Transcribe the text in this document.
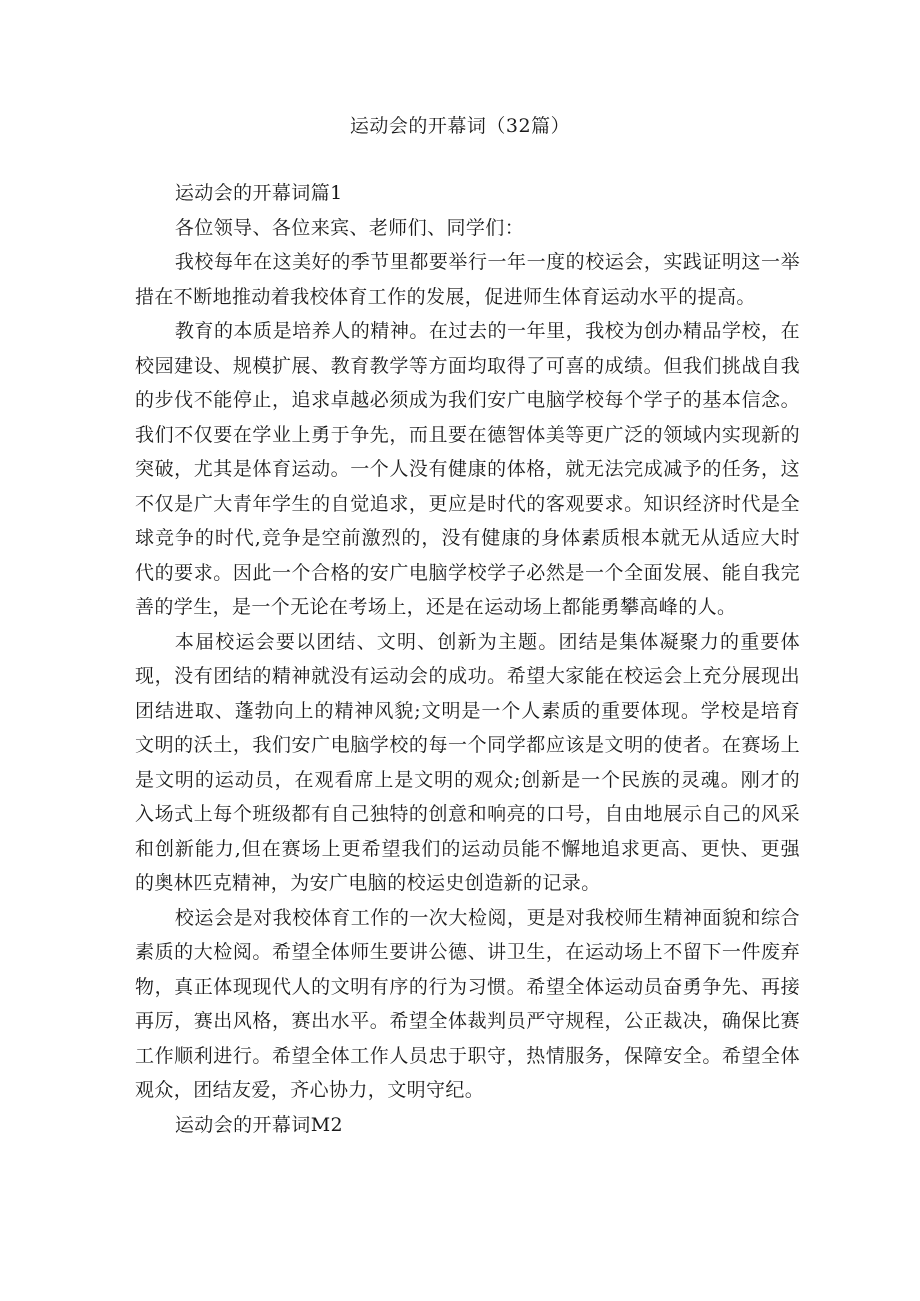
运动会的开幕词（32篇）

运动会的开幕词篇1

各位领导、各位来宾、老师们、同学们：

我校每年在这美好的季节里都要举行一年一度的校运会，实践证明这一举措在不断地推动着我校体育工作的发展，促进师生体育运动水平的提高。

教育的本质是培养人的精神。在过去的一年里，我校为创办精品学校，在校园建设、规模扩展、教育教学等方面均取得了可喜的成绩。但我们挑战自我的步伐不能停止，追求卓越必须成为我们安广电脑学校每个学子的基本信念。我们不仅要在学业上勇于争先，而且要在德智体美等更广泛的领域内实现新的突破，尤其是体育运动。一个人没有健康的体格，就无法完成减予的任务，这不仅是广大青年学生的自觉追求，更应是时代的客观要求。知识经济时代是全球竞争的时代,竞争是空前激烈的，没有健康的身体素质根本就无从适应大时代的要求。因此一个合格的安广电脑学校学子必然是一个全面发展、能自我完善的学生，是一个无论在考场上，还是在运动场上都能勇攀高峰的人。

本届校运会要以团结、文明、创新为主题。团结是集体凝聚力的重要体现，没有团结的精神就没有运动会的成功。希望大家能在校运会上充分展现出团结进取、蓬勃向上的精神风貌;文明是一个人素质的重要体现。学校是培育文明的沃土，我们安广电脑学校的每一个同学都应该是文明的使者。在赛场上是文明的运动员，在观看席上是文明的观众;创新是一个民族的灵魂。刚才的入场式上每个班级都有自己独特的创意和响亮的口号，自由地展示自己的风采和创新能力,但在赛场上更希望我们的运动员能不懈地追求更高、更快、更强的奥林匹克精神，为安广电脑的校运史创造新的记录。

校运会是对我校体育工作的一次大检阅，更是对我校师生精神面貌和综合素质的大检阅。希望全体师生要讲公德、讲卫生，在运动场上不留下一件废弃物，真正体现现代人的文明有序的行为习惯。希望全体运动员奋勇争先、再接再厉，赛出风格，赛出水平。希望全体裁判员严守规程，公正裁决，确保比赛工作顺利进行。希望全体工作人员忠于职守，热情服务，保障安全。希望全体观众，团结友爱，齐心协力，文明守纪。

运动会的开幕词M2
